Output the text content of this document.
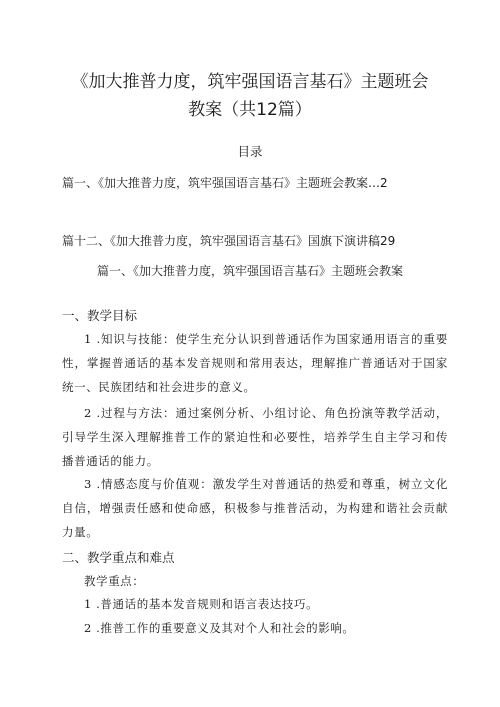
《加大推普力度，筑牢强国语言基石》主题班会
教案（共12篇）
目录
篇一、《加大推普力度，筑牢强国语言基石》主题班会教案…2
篇十二、《加大推普力度，筑牢强国语言基石》国旗下演讲稿29
篇一、《加大推普力度，筑牢强国语言基石》主题班会教案
一、教学目标

1 .知识与技能：使学生充分认识到普通话作为国家通用语言的重要性，掌握普通话的基本发音规则和常用表达，理解推广普通话对于国家统一、民族团结和社会进步的意义。

2 .过程与方法：通过案例分析、小组讨论、角色扮演等教学活动，引导学生深入理解推普工作的紧迫性和必要性，培养学生自主学习和传播普通话的能力。

3 .情感态度与价值观：激发学生对普通话的热爱和尊重，树立文化自信，增强责任感和使命感，积极参与推普活动，为构建和谐社会贡献力量。

二、教学重点和难点
教学重点：
1 .普通话的基本发音规则和语言表达技巧。
2 .推普工作的重要意义及其对个人和社会的影响。
